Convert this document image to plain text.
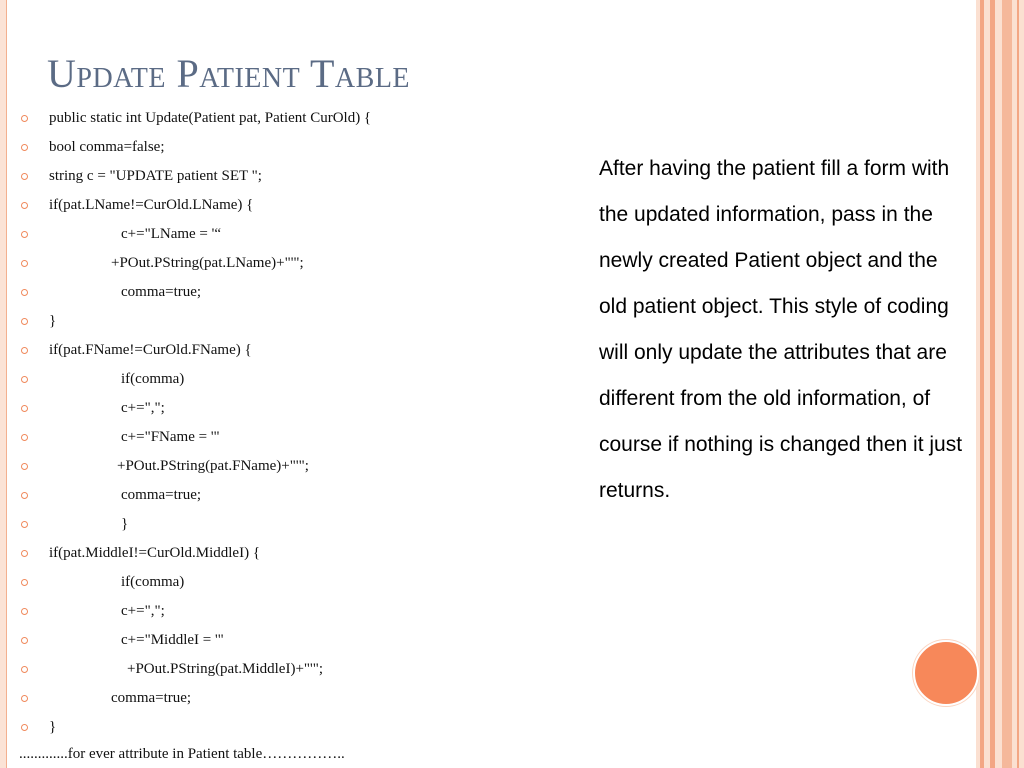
Update Patient Table
public static int Update(Patient pat, Patient CurOld) {
bool comma=false;
string c = "UPDATE patient SET ";
if(pat.LName!=CurOld.LName) {
c+="LName = '“
+POut.PString(pat.LName)+"'";
comma=true;
}
if(pat.FName!=CurOld.FName) {
if(comma)
c+=",";
c+="FName = '"
+POut.PString(pat.FName)+"'";
comma=true;
}
if(pat.MiddleI!=CurOld.MiddleI) {
if(comma)
c+=",";
c+="MiddleI = '"
+POut.PString(pat.MiddleI)+"'";
comma=true;
}
.............for ever attribute in Patient table……………..

After having the patient fill a form with the updated information, pass in the newly created Patient object and the old patient object. This style of coding will only update the attributes that are different from the old information, of course if nothing is changed then it just returns.
